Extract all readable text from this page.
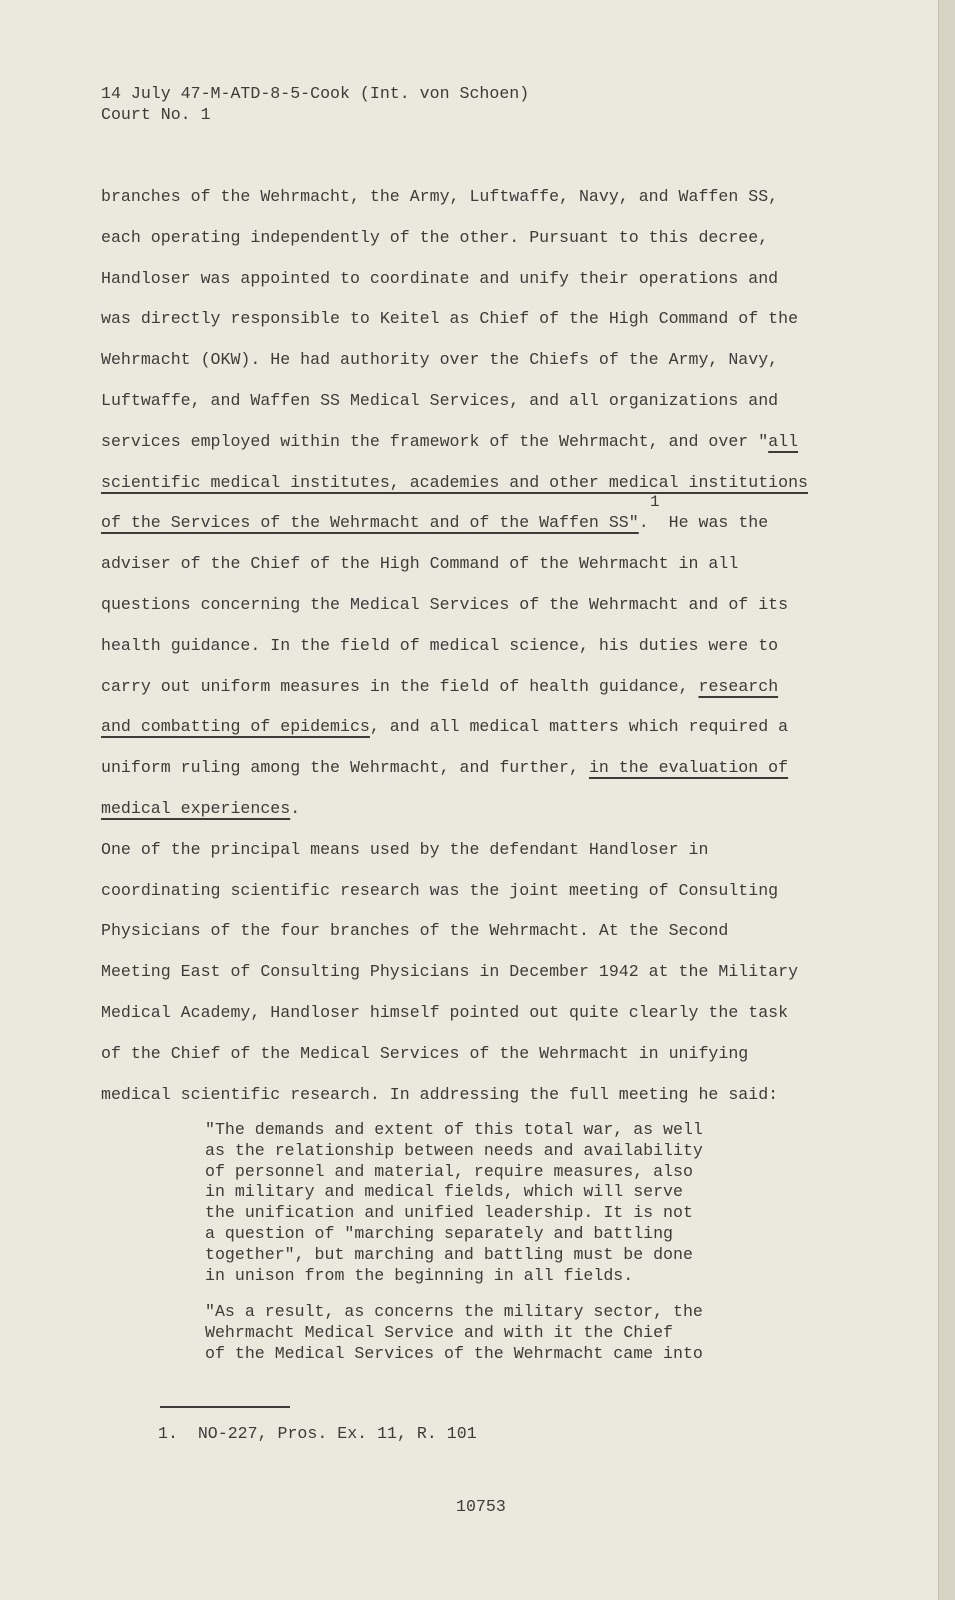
14 July 47-M-ATD-8-5-Cook (Int. von Schoen)
Court No. 1
branches of the Wehrmacht, the Army, Luftwaffe, Navy, and Waffen SS,
each operating independently of the other. Pursuant to this decree,
Handloser was appointed to coordinate and unify their operations and
was directly responsible to Keitel as Chief of the High Command of the
Wehrmacht (OKW). He had authority over the Chiefs of the Army, Navy,
Luftwaffe, and Waffen SS Medical Services, and all organizations and
services employed within the framework of the Wehrmacht, and over "all
scientific medical institutes, academies and other medical institutions
of the Services of the Wehrmacht and of the Waffen SS".  He was the
adviser of the Chief of the High Command of the Wehrmacht in all
questions concerning the Medical Services of the Wehrmacht and of its
health guidance. In the field of medical science, his duties were to
carry out uniform measures in the field of health guidance, research
and combatting of epidemics, and all medical matters which required a
uniform ruling among the Wehrmacht, and further, in the evaluation of
medical experiences.
One of the principal means used by the defendant Handloser in
coordinating scientific research was the joint meeting of Consulting
Physicians of the four branches of the Wehrmacht. At the Second
Meeting East of Consulting Physicians in December 1942 at the Military
Medical Academy, Handloser himself pointed out quite clearly the task
of the Chief of the Medical Services of the Wehrmacht in unifying
medical scientific research. In addressing the full meeting he said:
1
"The demands and extent of this total war, as well
as the relationship between needs and availability
of personnel and material, require measures, also
in military and medical fields, which will serve
the unification and unified leadership. It is not
a question of "marching separately and battling
together", but marching and battling must be done
in unison from the beginning in all fields.
"As a result, as concerns the military sector, the
Wehrmacht Medical Service and with it the Chief
of the Medical Services of the Wehrmacht came into
1.  NO-227, Pros. Ex. 11, R. 101
10753
